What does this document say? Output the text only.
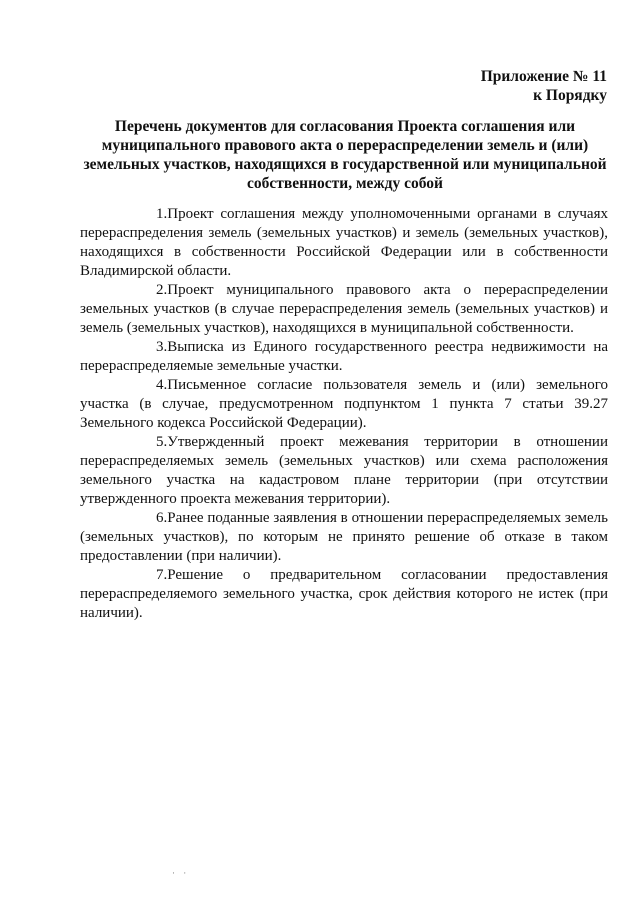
Приложение № 11
к Порядку
Перечень документов для согласования Проекта соглашения или муниципального правового акта о перераспределении земель и (или) земельных участков, находящихся в государственной или муниципальной собственности, между собой
1.Проект соглашения между уполномоченными органами в случаях перераспределения земель (земельных участков) и земель (земельных участков), находящихся в собственности Российской Федерации или в собственности Владимирской области.
2.Проект муниципального правового акта о перераспределении земельных участков (в случае перераспределения земель (земельных участков) и земель (земельных участков), находящихся в муниципальной собственности.
3.Выписка из Единого государственного реестра недвижимости на перераспределяемые земельные участки.
4.Письменное согласие пользователя земель и (или) земельного участка (в случае, предусмотренном подпунктом 1 пункта 7 статьи 39.27 Земельного кодекса Российской Федерации).
5.Утвержденный проект межевания территории в отношении перераспределяемых земель (земельных участков) или схема расположения земельного участка на кадастровом плане территории (при отсутствии утвержденного проекта межевания территории).
6.Ранее поданные заявления в отношении перераспределяемых земель (земельных участков), по которым не принято решение об отказе в таком предоставлении (при наличии).
7.Решение о предварительном согласовании предоставления перераспределяемого земельного участка, срок действия которого не истек (при наличии).
· ·
